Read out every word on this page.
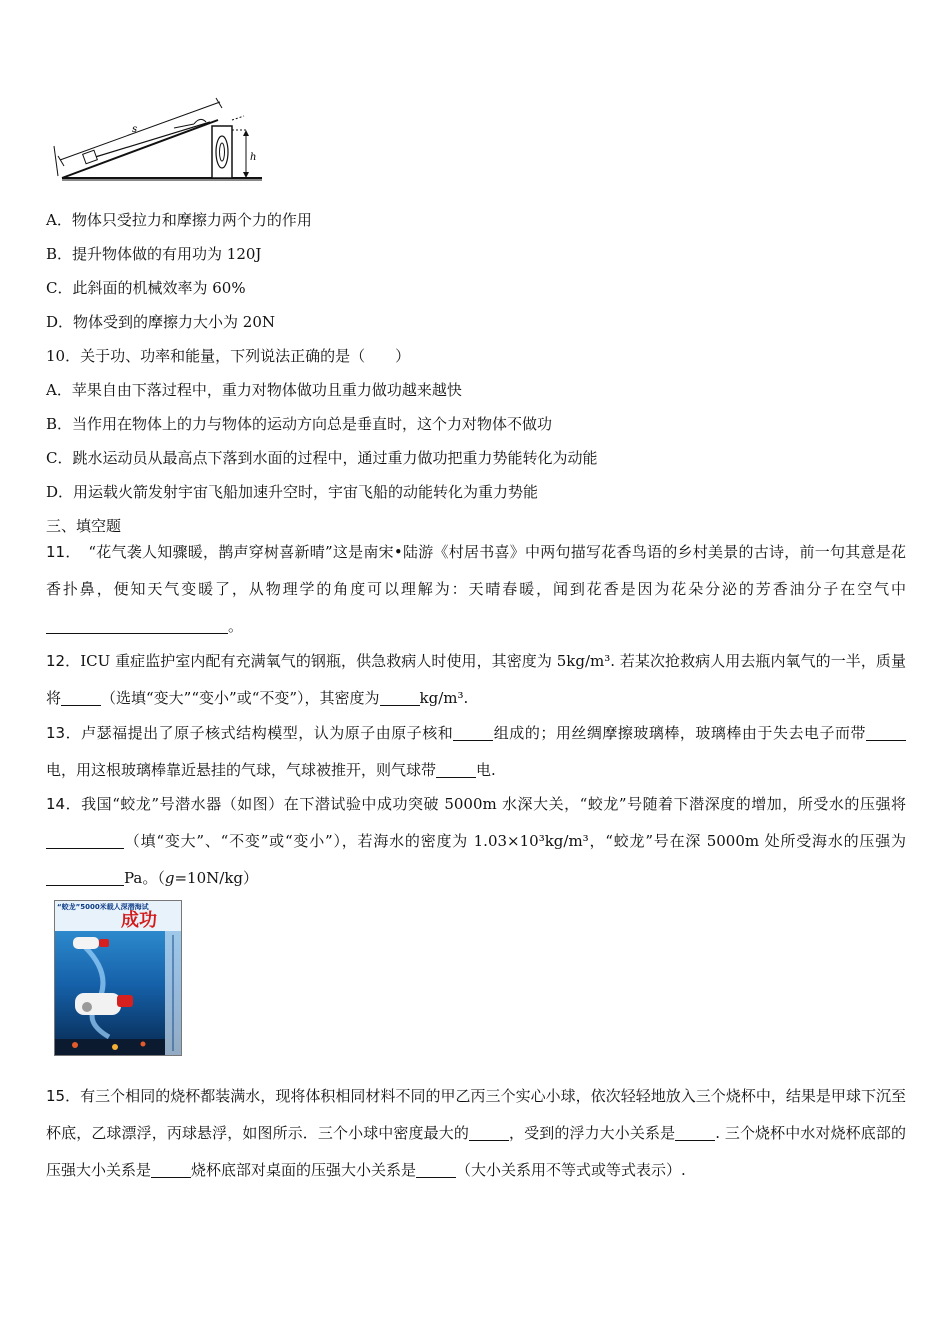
s
h
A．物体只受拉力和摩擦力两个力的作用
B．提升物体做的有用功为 120J
C．此斜面的机械效率为 60%
D．物体受到的摩擦力大小为 20N
10．关于功、功率和能量，下列说法正确的是（　　）
A．苹果自由下落过程中，重力对物体做功且重力做功越来越快
B．当作用在物体上的力与物体的运动方向总是垂直时，这个力对物体不做功
C．跳水运动员从最高点下落到水面的过程中，通过重力做功把重力势能转化为动能
D．用运载火箭发射宇宙飞船加速升空时，宇宙飞船的动能转化为重力势能
三、填空题
11．　“花气袭人知骤暖，鹊声穿树喜新晴”这是南宋•陆游《村居书喜》中两句描写花香鸟语的乡村美景的古诗，前一句其意是花香扑鼻，便知天气变暖了，从物理学的角度可以理解为：天晴春暖，闻到花香是因为花朵分泌的芳香油分子在空气中。
12．ICU 重症监护室内配有充满氧气的钢瓶，供急救病人时使用，其密度为 5kg/m³. 若某次抢救病人用去瓶内氧气的一半，质量将	（选填“变大”“变小”或“不变”），其密度为	kg/m³.
13．卢瑟福提出了原子核式结构模型，认为原子由原子核和	组成的；用丝绸摩擦玻璃棒，玻璃棒由于失去电子而带电，用这根玻璃棒靠近悬挂的气球，气球被推开，则气球带	电.
14．我国“蛟龙”号潜水器（如图）在下潜试验中成功突破 5000m 水深大关，“蛟龙”号随着下潜深度的增加，所受水的压强将（填“变大”、“不变”或“变小”），若海水的密度为 1.03×10³kg/m³，“蛟龙”号在深 5000m 处所受海水的压强为Pa。（g=10N/kg）
“蛟龙”5000米载人深潜海试
成功
15．有三个相同的烧杯都装满水，现将体积相同材料不同的甲乙丙三个实心小球，依次轻轻地放入三个烧杯中，结果是甲球下沉至杯底，乙球漂浮，丙球悬浮，如图所示．三个小球中密度最大的	，受到的浮力大小关系是	. 三个烧杯中水对烧杯底部的压强大小关系是	烧杯底部对桌面的压强大小关系是	（大小关系用不等式或等式表示）.
